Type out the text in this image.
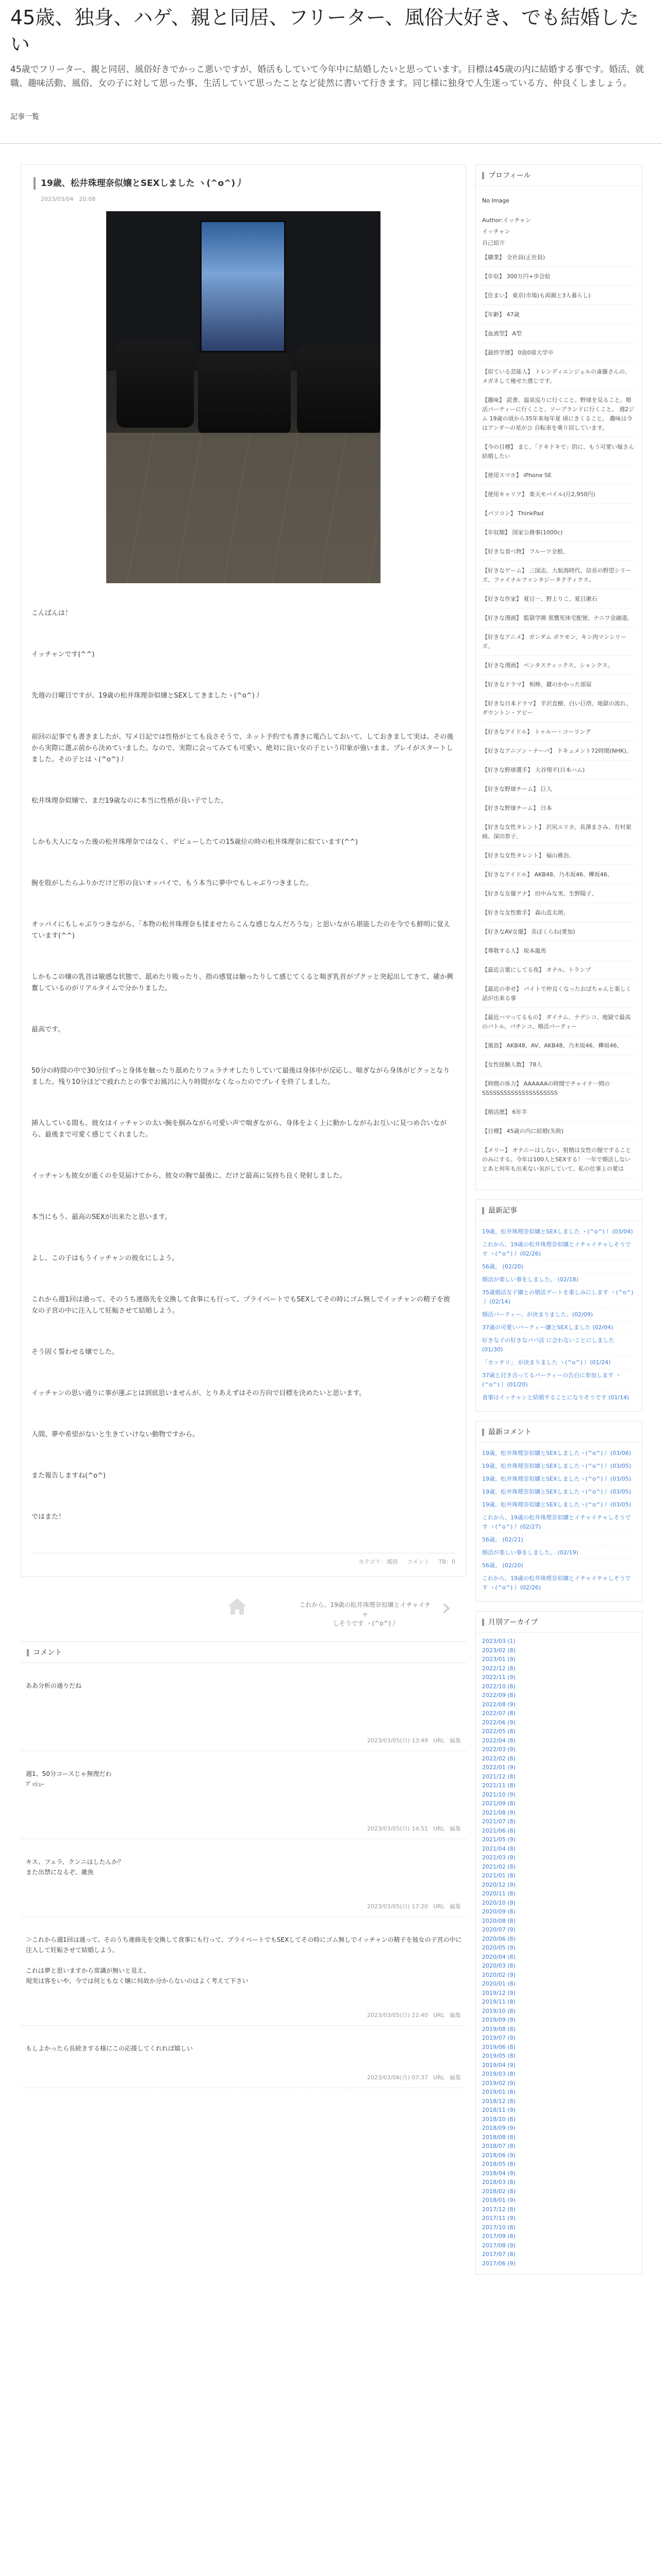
45歳、独身、ハゲ、親と同居、フリーター、風俗大好き、でも結婚したい
45歳でフリーター、親と同居、風俗好きでかっこ悪いですが、婚活もしていて今年中に結婚したいと思っています。目標は45歳の内に結婚する事です。婚活、就職、趣味活動、風俗、女の子に対して思った事、生活していて思ったことなど徒然に書いて行きます。同じ様に独身で人生迷っている方、仲良くしましょう。
記事一覧
19歳、松井珠理奈似嬢とSEXしました ヽ(^o^)丿
2023/03/04　20:08

こんばんは！

イッチャンです(^^)

先週の日曜日ですが、19歳の松井珠理奈似嬢とSEXしてきましたヽ(^o^)丿

前回の記事でも書きましたが、写メ日記では性格がとても良さそうで、ネット予約でも書きに電凸しておいて、しておきまして実は、その後から実際に選ぶ前から決めていました。なので、実際に会ってみても可愛い、絶対に良い女の子という印象が強いまま、プレイがスタートしました。その子とはヽ(^o^)丿

松井珠理奈似嬢で、まだ19歳なのに本当に性格が良い子でした。

しかも大人になった後の松井珠理奈ではなく、デビューしたての15歳位の時の松井珠理奈に似ています(^^)

腕を肢がしたらふりかだけど形の良いオッパイで、もう本当に夢中でもしゃぶりつきました。

オッパイにもしゃぶりつきながら、「本物の松井珠理奈も揉ませたらこんな感じなんだろうな」と思いながら堪能したのを今でも鮮明に覚えています(^^)

しかもこの嬢の乳首は敏感な状態で、舐めたり吸ったり、指の感覚は触ったりして感じてくると喘ぎ乳首がプクッと突起出してきて、確か興奮しているのがリアルタイムで分かりました。

最高です。

50分の時間の中で30分位ずっと身体を触ったり舐めたりフェラチオしたりしていて最後は身体中が反応し、喘ぎながら身体がビクッとなりました。残り10分ほどで疲れたとの事でお風呂に入り時間がなくなったのでプレイを終了しました。

挿入している間も、彼女はイッチャンの太い腕を掴みながら可愛い声で喘ぎながら、身体をよく上に動かしながらお互いに見つめ合いながら、最後まで可愛く感じてくれました。

イッチャンも彼女が逝くのを見届けてから、彼女の胸で最後に、だけど最高に気持ち良く発射しました。

本当にもう、最高のSEXが出来たと思います。

よし、この子はもうイッチャンの彼女にしよう。

これから週1回は通って、そのうち連絡先を交換して食事にも行って、プライベートでもSEXしてその時にゴム無しでイッチャンの精子を彼女の子宮の中に注入して妊娠させて結婚しよう。

そう固く誓わせる嬢でした。

イッチャンの思い通りに事が運ぶとは到底思いませんが、とりあえずはその方向で目標を決めたいと思います。

人間、夢や希望がないと生きていけない動物ですから。

また報告しますね(^o^)

ではまた！

カテゴリ：風俗 コメント TB：0
これから、19歳の松井珠理奈似嬢とイチャイチャ
しそうです ヽ(^o^)丿
›
コメント
ああ分析の通りだね
2023/03/05(日) 13:49 URL 編集
週1、50分コースじゃ無理だわ
ﾌﾟｯｼｭｰ
2023/03/05(日) 14:51 URL 編集
キス、フェラ、クンニはしたんか？
また出禁になるぞ、雑魚
2023/03/05(日) 17:20 URL 編集
＞これから週1回は通って、そのうち連絡先を交換して食事にも行って、プライベートでもSEXしてその時にゴム無しでイッチャンの精子を彼女の子宮の中に注入して妊娠させて結婚しよう。
これは夢と思いますから常識が無いと見え、
現実は客をいや、今では何ともなく嬢に何故か分からないのはよく考えて下さい
2023/03/05(日) 22:40 URL 編集
もしよかったら長続きする様にこの応援してくれれば嬉しい
2023/03/06(月) 07:37 URL 編集
プロフィール
No Image
Author:イッチャン
イッチャン
自己紹介
【職業】 全社員(正社員)
【年収】 300万円+歩合給
【住まい】 東京(市場)も両親と3人暮らし)
【年齢】 47歳
【血液型】 A型
【最終学歴】 0浪0留大学卒
【似ている芸能人】 トレンディエンジェルの斎藤さんの、メガネして痩せた感じです。
【趣味】 読書、温泉巡りに行くこと。野球を見ること、婚活パーティーに行くこと、ソープランドに行くこと。 週2ジム 19歳の頃から35年来毎年夏 頃にきくること。 趣味は今はアンダーの星がひ 自転車を乗り回しています。
【今の目標】 まじ、「ドキドキで」的に、もう可愛い嫁さん結婚したい
【使用スマホ】 iPhone SE
【使用キャリア】 楽天モバイル(月2,950円)
【パソコン】 ThinkPad
【年収額】 国家公務事(1000c)
【好きな食べ物】 フルーツ全般、
【好きなゲーム】 三国志、大航海時代、信長の野望シリーズ、ファイナルファンタジータクティクス。
【好きな作家】 夏目一、野上りこ、夏目漱石
【好きな漫画】 監獄学園 黒鷺死体宅配便、ナニワ金融道。
【好きなアニメ】 ガンダム ポケモン、キン肉マンシリーズ、
【好きな漫画】 ペンタスティックス、シャンクス。
【好きなドラマ】 相棒、鍵のかかった部屋
【好きな日本ドラマ】 半沢直樹、白い巨塔、地獄の流れ、ダウントン・アビー
【好きなアイドル】 トゥルー・コーリング
【好きなアニソン・ナーバ】 ドキュメント72時間(NHK)、
【好きな野球選手】 大谷翔平(日本ハム)
【好きな野球チーム】 巨人
【好きな野球チーム】 日本
【好きな女性タレント】 沢尻エリカ、長澤まさみ、有村架純、深田恭子、
【好きな女性タレント】 福山雅治、
【好きなアイドル】 AKB48、乃木坂46、欅坂46、
【好きな女優アナ】 田中みな実、生野陽子、
【好きな女性歌手】 森山直太朗、
【好きなAV女優】 美ぼくらね(愛加)
【尊敬する人】 坂本龍馬
【最近言葉にしてる夜】 オナル、トランプ
【最近の幸せ】 バイトで仲良くなったおばちゃんと楽しく話が出来る事
【最近ハマってるもの】 ダイナム、ナデシコ、地獄で最高のバトル、パチンコ、婚活パーティー
【風俗】 AKB48、AV、AKB48、乃木坂46、欅坂46、
【女性経験人数】 78人
【時間の体力】 AAAAAAの時間でチャイナ一問のSSSSSSSSSSSSSSSSSSSSS
【婚活歴】 6年半
【目標】 45歳の内に結婚(失敗)
【メリー】 オナニーはしない、射精は女性の膣ですることのみにする。今年は100人とSEXする！ 一年で婚活しないとあと何年も出来ない気がしていて、私の仕事上の愛は
最新記事
19歳、松井珠理奈似嬢とSEXしました ヽ(^o^)丿 (03/04)
これから、19歳の松井珠理奈似嬢とイチャイチャしそうです ヽ(^o^)丿 (02/26)
56歳、 (02/20)
婚活が楽しい事をしました。 (02/18)
35歳婚活女子嬢との婚活デートを楽しみにします ヽ(^o^)丿 (02/14)
婚活パーティー、が決まりました。(02/09)
37歳の可愛いパーティー嬢とSEXしました (02/04)
好きな子の好きなパパ活 に会わないことにしました (01/30)
「カッチリ」 が決まりました ヽ(^o^)丿 (01/24)
37歳と付き合ってるパーティーの告白に参加します ヽ(^o^)丿 (01/20)
食事はイッチャンと結婚することになりそうです (01/14)
最新コメント
19歳、松井珠理奈似嬢とSEXしましたヽ(^o^)丿 (03/06)
19歳、松井珠理奈似嬢とSEXしましたヽ(^o^)丿 (03/05)
19歳、松井珠理奈似嬢とSEXしましたヽ(^o^)丿 (03/05)
19歳、松井珠理奈似嬢とSEXしましたヽ(^o^)丿 (03/05)
19歳、松井珠理奈似嬢とSEXしましたヽ(^o^)丿 (03/05)
これから、19歳の松井珠理奈似嬢とイチャイチャしそうです ヽ(^o^)丿 (02/27)
56歳、 (02/21)
婚活が楽しい事をしました。 (02/19)
56歳、 (02/20)
これから、19歳の松井珠理奈似嬢とイチャイチャしそうです ヽ(^o^)丿 (02/26)
月別アーカイブ
2023/03 (1)
2023/02 (8)
2023/01 (9)
2022/12 (8)
2022/11 (9)
2022/10 (8)
2022/09 (8)
2022/08 (9)
2022/07 (8)
2022/06 (9)
2022/05 (8)
2022/04 (8)
2022/03 (9)
2022/02 (8)
2022/01 (9)
2021/12 (8)
2021/11 (8)
2021/10 (9)
2021/09 (8)
2021/08 (9)
2021/07 (8)
2021/06 (8)
2021/05 (9)
2021/04 (8)
2021/03 (9)
2021/02 (8)
2021/01 (8)
2020/12 (9)
2020/11 (8)
2020/10 (9)
2020/09 (8)
2020/08 (8)
2020/07 (9)
2020/06 (8)
2020/05 (9)
2020/04 (8)
2020/03 (8)
2020/02 (9)
2020/01 (8)
2019/12 (9)
2019/11 (8)
2019/10 (8)
2019/09 (9)
2019/08 (8)
2019/07 (9)
2019/06 (8)
2019/05 (8)
2019/04 (9)
2019/03 (8)
2019/02 (9)
2019/01 (8)
2018/12 (8)
2018/11 (9)
2018/10 (8)
2018/09 (9)
2018/08 (8)
2018/07 (8)
2018/06 (9)
2018/05 (8)
2018/04 (9)
2018/03 (8)
2018/02 (8)
2018/01 (9)
2017/12 (8)
2017/11 (9)
2017/10 (8)
2017/09 (8)
2017/08 (9)
2017/07 (8)
2017/06 (9)
